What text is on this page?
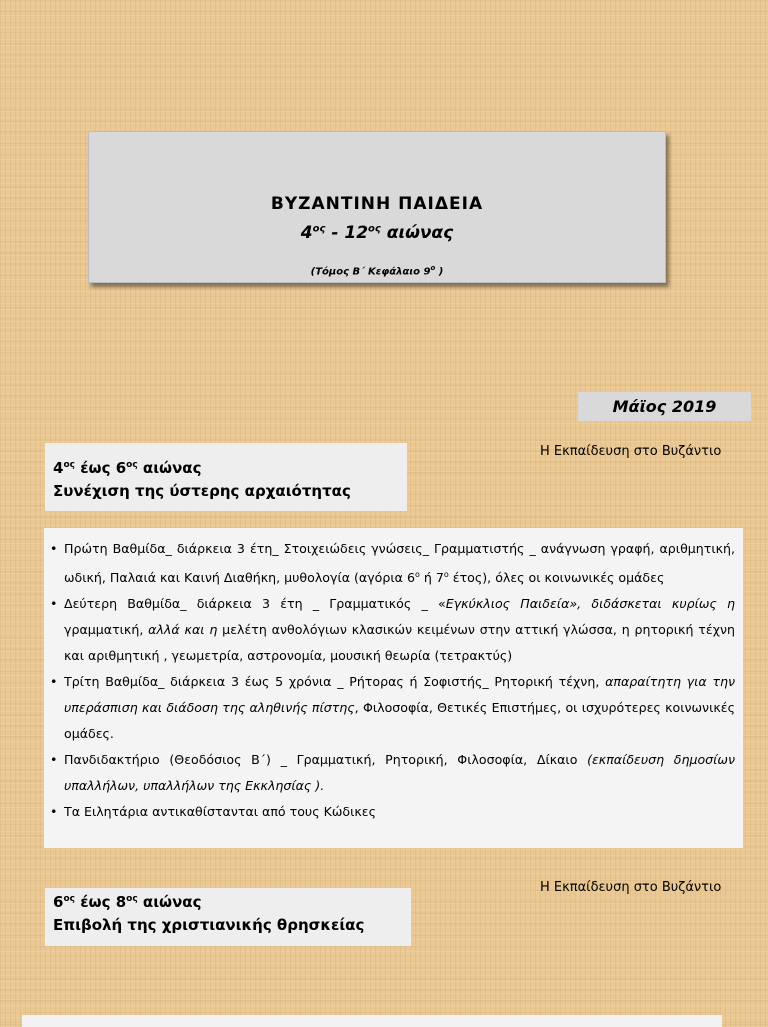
ΒΥΖΑΝΤΙΝΗ ΠΑΙΔΕΙΑ
$4^{o\varsigma} - 12^{o\varsigma}$ αιώνας
(Τόμος Β΄ Κεφάλαιο $9^o$ )
Μάϊος 2019
Η Εκπαίδευση στο Βυζάντιο
Η Εκπαίδευση στο Βυζάντιο
$4^{o\varsigma}$ έως $6^{o\varsigma}$ αιώνας
Συνέχιση της ύστερης αρχαιότητας
• Πρώτη Βαθμίδα_ διάρκεια 3 έτη_ Στοιχειώδεις γνώσεις_ Γραμματιστής _ ανάγνωση γραφή, αριθμητική, ωδική, Παλαιά και Καινή Διαθήκη, μυθολογία (αγόρια $6^o$ ή $7^o$ έτος), όλες οι κοινωνικές ομάδες
• Δεύτερη Βαθμίδα_ διάρκεια 3 έτη _ Γραμματικός _ «Εγκύκλιος Παιδεία», διδάσκεται κυρίως η γραμματική, αλλά και η μελέτη ανθολόγιων κλασικών κειμένων στην αττική γλώσσα, η ρητορική τέχνη και αριθμητική , γεωμετρία, αστρονομία, μουσική θεωρία (τετρακτύς)
• Τρίτη Βαθμίδα_ διάρκεια 3 έως 5 χρόνια _ Ρήτορας ή Σοφιστής_ Ρητορική τέχνη, απαραίτητη για την υπεράσπιση και διάδοση της αληθινής πίστης, Φιλοσοφία, Θετικές Επιστήμες, οι ισχυρότερες κοινωνικές ομάδες.
• Πανδιδακτήριο (Θεοδόσιος Β΄) _ Γραμματική, Ρητορική, Φιλοσοφία, Δίκαιο (εκπαίδευση δημοσίων υπαλλήλων, υπαλλήλων της Εκκλησίας ).
• Τα Ειλητάρια αντικαθίστανται από τους Κώδικες
$6^{o\varsigma}$ έως $8^{o\varsigma}$ αιώνας
Επιβολή της χριστιανικής θρησκείας
